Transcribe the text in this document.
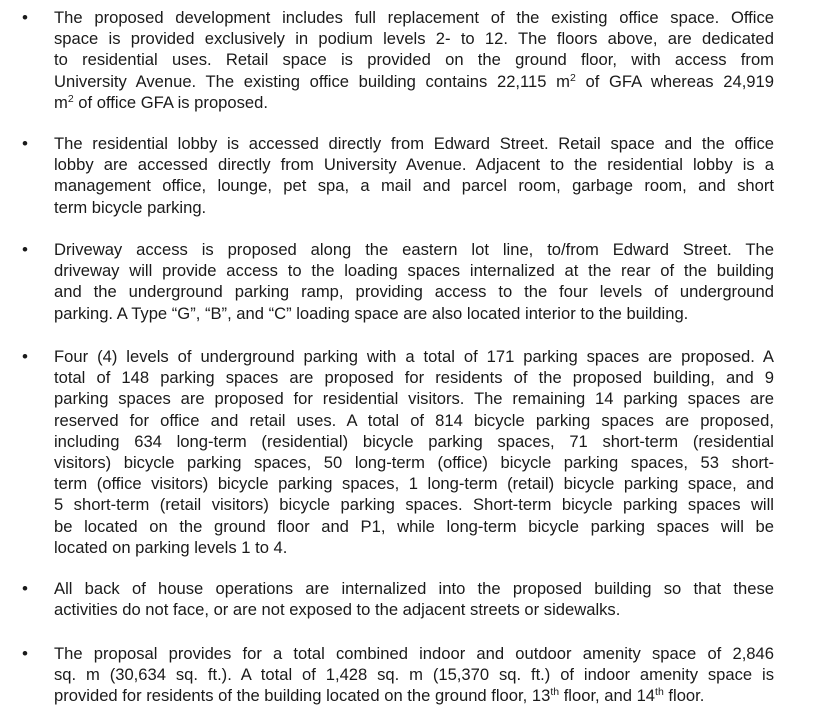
• The proposed development includes full replacement of the existing office space. Office
space is provided exclusively in podium levels 2- to 12. The floors above, are dedicated
to residential uses. Retail space is provided on the ground floor, with access from
University Avenue. The existing office building contains 22,115 $m^2$ of GFA whereas 24,919
$m^2$ of office GFA is proposed.

• The residential lobby is accessed directly from Edward Street. Retail space and the office
lobby are accessed directly from University Avenue. Adjacent to the residential lobby is a
management office, lounge, pet spa, a mail and parcel room, garbage room, and short
term bicycle parking.

• Driveway access is proposed along the eastern lot line, to/from Edward Street. The
driveway will provide access to the loading spaces internalized at the rear of the building
and the underground parking ramp, providing access to the four levels of underground
parking. A Type “G”, “B”, and “C” loading space are also located interior to the building.

• Four (4) levels of underground parking with a total of 171 parking spaces are proposed. A
total of 148 parking spaces are proposed for residents of the proposed building, and 9
parking spaces are proposed for residential visitors. The remaining 14 parking spaces are
reserved for office and retail uses. A total of 814 bicycle parking spaces are proposed,
including 634 long-term (residential) bicycle parking spaces, 71 short-term (residential
visitors) bicycle parking spaces, 50 long-term (office) bicycle parking spaces, 53 short-
term (office visitors) bicycle parking spaces, 1 long-term (retail) bicycle parking space, and
5 short-term (retail visitors) bicycle parking spaces. Short-term bicycle parking spaces will
be located on the ground floor and P1, while long-term bicycle parking spaces will be
located on parking levels 1 to 4.

• All back of house operations are internalized into the proposed building so that these
activities do not face, or are not exposed to the adjacent streets or sidewalks.

• The proposal provides for a total combined indoor and outdoor amenity space of 2,846
sq. m (30,634 sq. ft.). A total of 1,428 sq. m (15,370 sq. ft.) of indoor amenity space is
provided for residents of the building located on the ground floor, 13th floor, and 14th floor.
